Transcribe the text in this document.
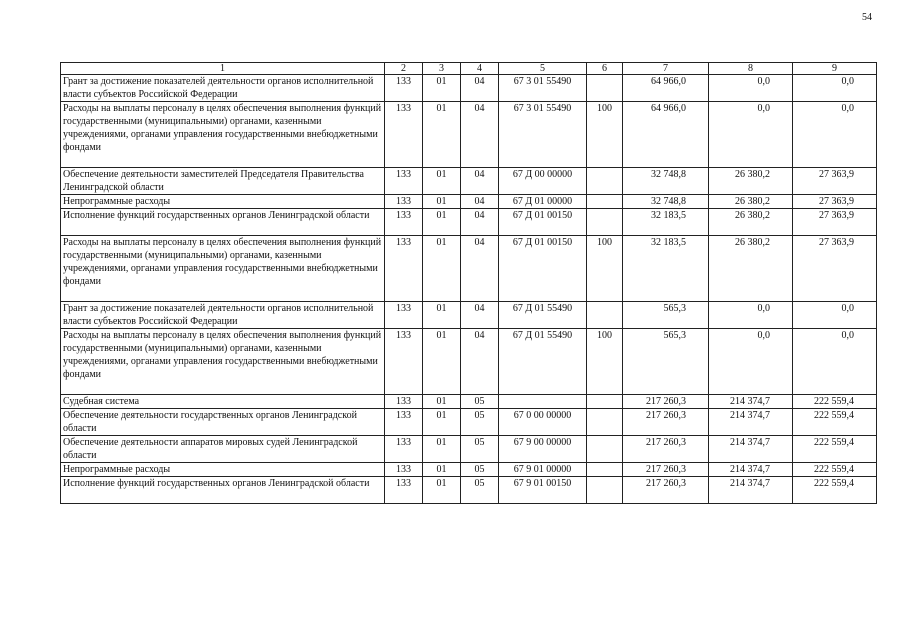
54
1	2	3	4	5	6	7	8	9
Грант за достижение показателей деятельности органов исполнительной власти субъектов Российской Федерации	133	01	04	67 3 01 55490		64 966,0	0,0	0,0
Расходы на выплаты персоналу в целях обеспечения выполнения функций государственными (муниципальными) органами, казенными учреждениями, органами управления государственными внебюджетными фондами	133	01	04	67 3 01 55490	100	64 966,0	0,0	0,0
Обеспечение деятельности заместителей Председателя Правительства Ленинградской области	133	01	04	67 Д 00 00000		32 748,8	26 380,2	27 363,9
Непрограммные расходы	133	01	04	67 Д 01 00000		32 748,8	26 380,2	27 363,9
Исполнение функций государственных органов Ленинградской области	133	01	04	67 Д 01 00150		32 183,5	26 380,2	27 363,9
Расходы на выплаты персоналу в целях обеспечения выполнения функций государственными (муниципальными) органами, казенными учреждениями, органами управления государственными внебюджетными фондами	133	01	04	67 Д 01 00150	100	32 183,5	26 380,2	27 363,9
Грант за достижение показателей деятельности органов исполнительной власти субъектов Российской Федерации	133	01	04	67 Д 01 55490		565,3	0,0	0,0
Расходы на выплаты персоналу в целях обеспечения выполнения функций государственными (муниципальными) органами, казенными учреждениями, органами управления государственными внебюджетными фондами	133	01	04	67 Д 01 55490	100	565,3	0,0	0,0
Судебная система	133	01	05			217 260,3	214 374,7	222 559,4
Обеспечение деятельности государственных органов Ленинградской области	133	01	05	67 0 00 00000		217 260,3	214 374,7	222 559,4
Обеспечение деятельности аппаратов мировых судей Ленинградской области	133	01	05	67 9 00 00000		217 260,3	214 374,7	222 559,4
Непрограммные расходы	133	01	05	67 9 01 00000		217 260,3	214 374,7	222 559,4
Исполнение функций государственных органов Ленинградской области	133	01	05	67 9 01 00150		217 260,3	214 374,7	222 559,4
